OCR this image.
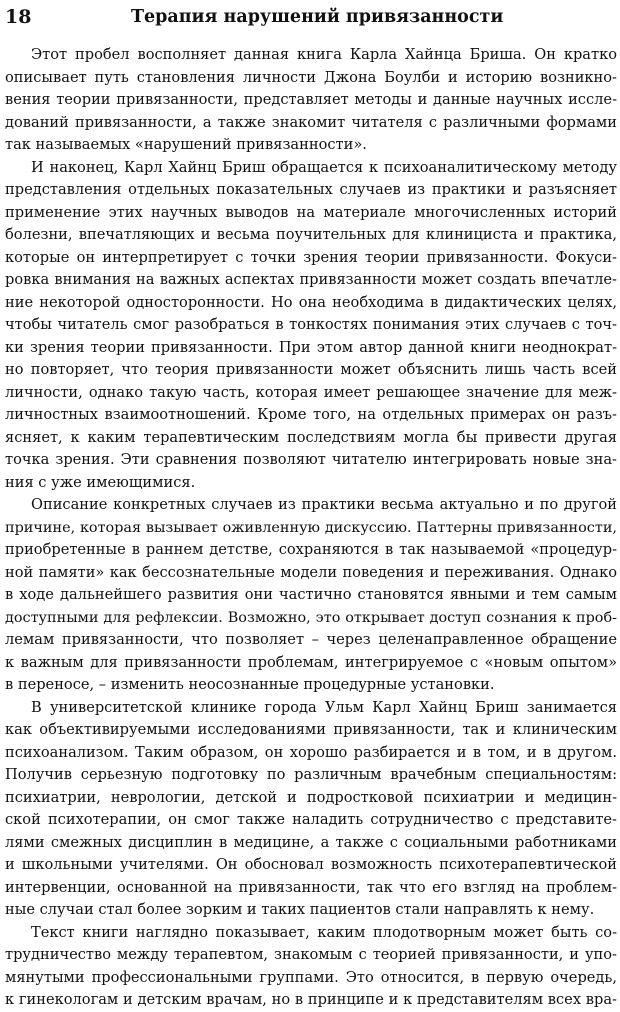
18	Терапия нарушений привязанности
Этот пробел восполняет данная книга Карла Хайнца Бриша. Он кратко
описывает путь становления личности Джона Боулби и историю возникно-
вения теории привязанности, представляет методы и данные научных иссле-
дований привязанности, а также знакомит читателя с различными формами
так называемых «нарушений привязанности».
И наконец, Карл Хайнц Бриш обращается к психоаналитическому методу
представления отдельных показательных случаев из практики и разъясняет
применение этих научных выводов на материале многочисленных историй
болезни, впечатляющих и весьма поучительных для клинициста и практика,
которые он интерпретирует с точки зрения теории привязанности. Фокуси-
ровка внимания на важных аспектах привязанности может создать впечатле-
ние некоторой односторонности. Но она необходима в дидактических целях,
чтобы читатель смог разобраться в тонкостях понимания этих случаев с точ-
ки зрения теории привязанности. При этом автор данной книги неоднократ-
но повторяет, что теория привязанности может объяснить лишь часть всей
личности, однако такую часть, которая имеет решающее значение для меж-
личностных взаимоотношений. Кроме того, на отдельных примерах он разъ-
ясняет, к каким терапевтическим последствиям могла бы привести другая
точка зрения. Эти сравнения позволяют читателю интегрировать новые зна-
ния с уже имеющимися.
Описание конкретных случаев из практики весьма актуально и по другой
причине, которая вызывает оживленную дискуссию. Паттерны привязанности,
приобретенные в раннем детстве, сохраняются в так называемой «процедур-
ной памяти» как бессознательные модели поведения и переживания. Однако
в ходе дальнейшего развития они частично становятся явными и тем самым
доступными для рефлексии. Возможно, это открывает доступ сознания к проб-
лемам привязанности, что позволяет – через целенаправленное обращение
к важным для привязанности проблемам, интегрируемое с «новым опытом»
в переносе, – изменить неосознанные процедурные установки.
В университетской клинике города Ульм Карл Хайнц Бриш занимается
как объективируемыми исследованиями привязанности, так и клиническим
психоанализом. Таким образом, он хорошо разбирается и в том, и в другом.
Получив серьезную подготовку по различным врачебным специальностям:
психиатрии, неврологии, детской и подростковой психиатрии и медицин-
ской психотерапии, он смог также наладить сотрудничество с представите-
лями смежных дисциплин в медицине, а также с социальными работниками
и школьными учителями. Он обосновал возможность психотерапевтической
интервенции, основанной на привязанности, так что его взгляд на проблем-
ные случаи стал более зорким и таких пациентов стали направлять к нему.
Текст книги наглядно показывает, каким плодотворным может быть со-
трудничество между терапевтом, знакомым с теорией привязанности, и упо-
мянутыми профессиональными группами. Это относится, в первую очередь,
к гинекологам и детским врачам, но в принципе и к представителям всех вра-
